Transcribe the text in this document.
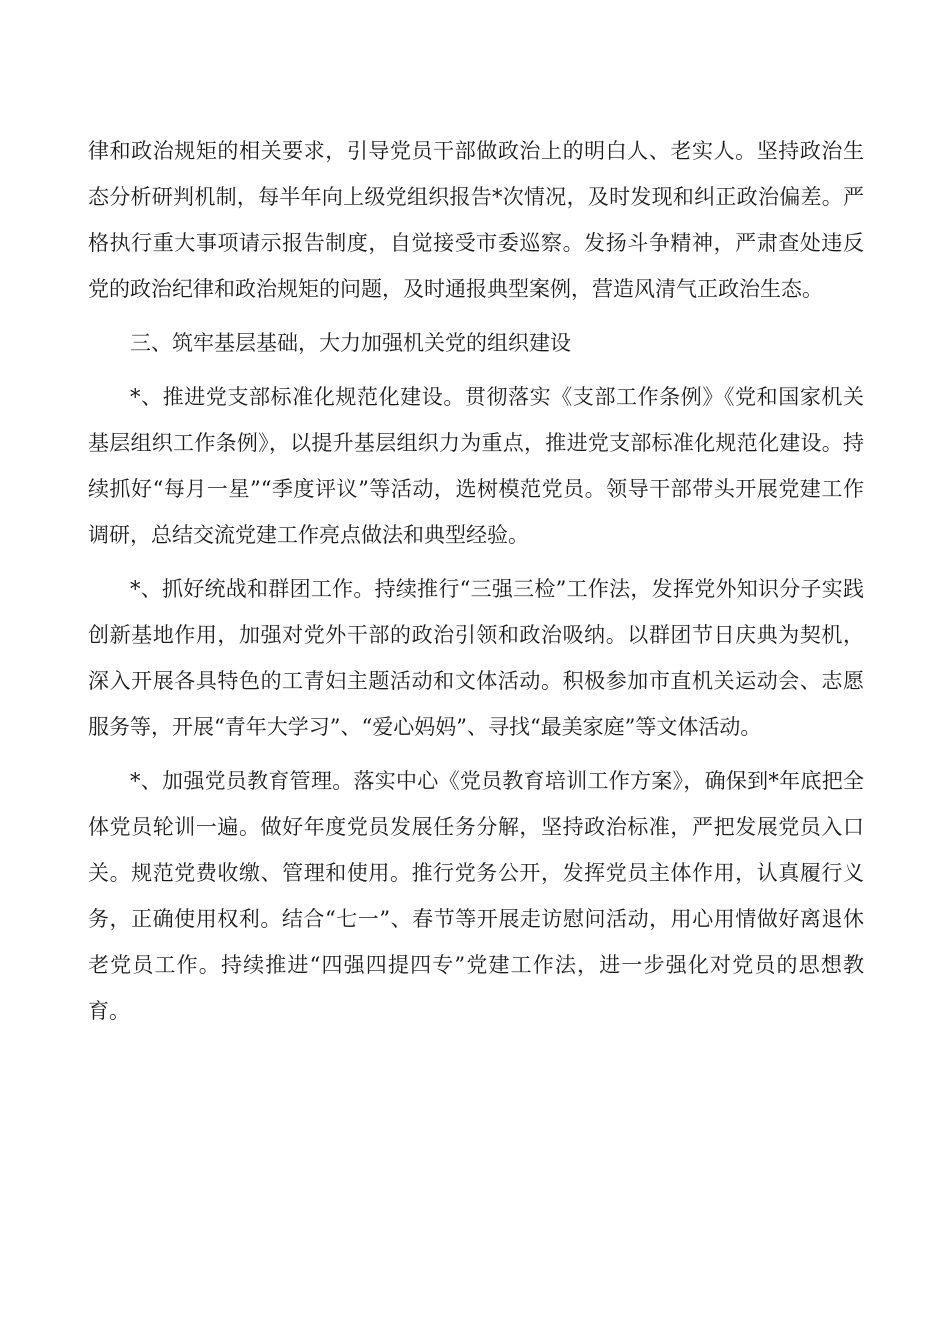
律和政治规矩的相关要求，引导党员干部做政治上的明白人、老实人。坚持政治生态分析研判机制，每半年向上级党组织报告*次情况，及时发现和纠正政治偏差。严格执行重大事项请示报告制度，自觉接受市委巡察。发扬斗争精神，严肃查处违反党的政治纪律和政治规矩的问题，及时通报典型案例，营造风清气正政治生态。

三、筑牢基层基础，大力加强机关党的组织建设

*、推进党支部标准化规范化建设。贯彻落实《支部工作条例》《党和国家机关基层组织工作条例》，以提升基层组织力为重点，推进党支部标准化规范化建设。持续抓好“每月一星”“季度评议”等活动，选树模范党员。领导干部带头开展党建工作调研，总结交流党建工作亮点做法和典型经验。

*、抓好统战和群团工作。持续推行“三强三检”工作法，发挥党外知识分子实践创新基地作用，加强对党外干部的政治引领和政治吸纳。以群团节日庆典为契机，深入开展各具特色的工青妇主题活动和文体活动。积极参加市直机关运动会、志愿服务等，开展“青年大学习”、“爱心妈妈”、寻找“最美家庭”等文体活动。

*、加强党员教育管理。落实中心《党员教育培训工作方案》，确保到*年底把全体党员轮训一遍。做好年度党员发展任务分解，坚持政治标准，严把发展党员入口关。规范党费收缴、管理和使用。推行党务公开，发挥党员主体作用，认真履行义务，正确使用权利。结合“七一”、春节等开展走访慰问活动，用心用情做好离退休老党员工作。持续推进“四强四提四专”党建工作法，进一步强化对党员的思想教育。
